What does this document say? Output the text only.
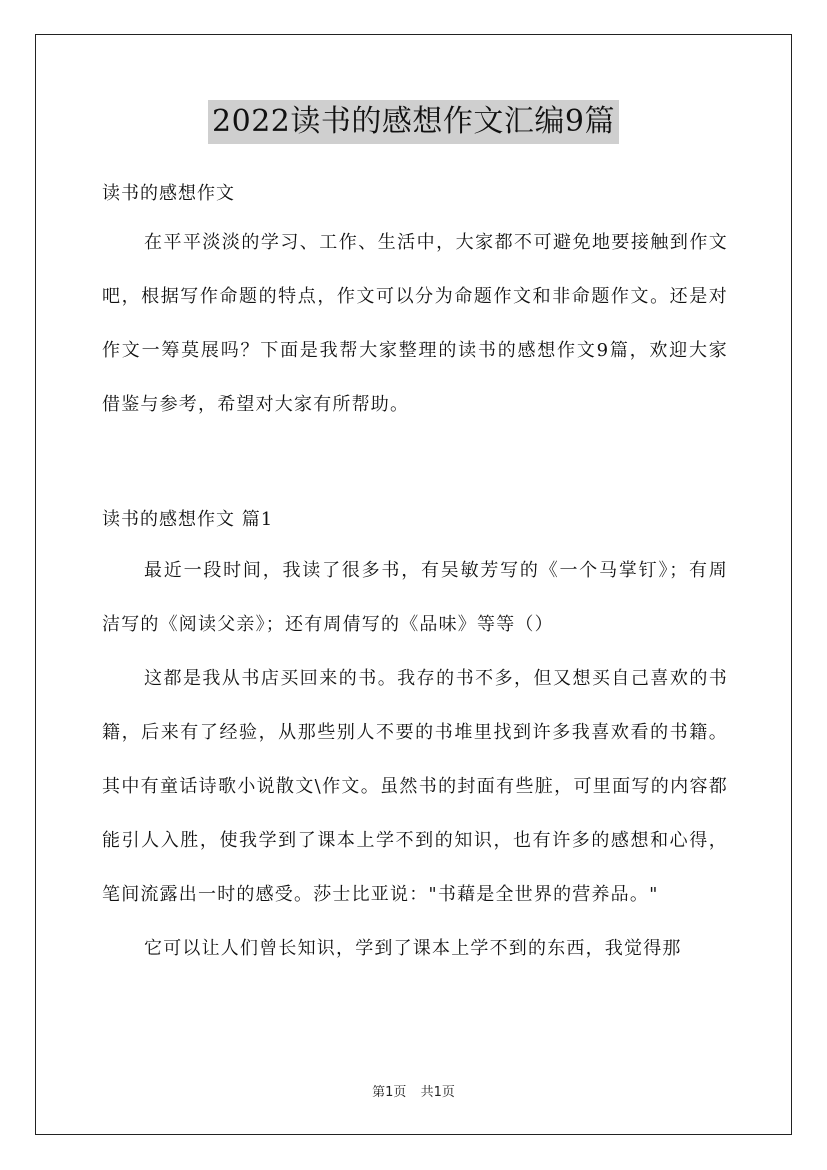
2022读书的感想作文汇编9篇

读书的感想作文

在平平淡淡的学习、工作、生活中，大家都不可避免地要接触到作文吧，根据写作命题的特点，作文可以分为命题作文和非命题作文。还是对作文一筹莫展吗？下面是我帮大家整理的读书的感想作文9篇，欢迎大家借鉴与参考，希望对大家有所帮助。

读书的感想作文 篇1

最近一段时间，我读了很多书，有吴敏芳写的《一个马掌钉》；有周洁写的《阅读父亲》；还有周倩写的《品味》等等（）

这都是我从书店买回来的书。我存的书不多，但又想买自己喜欢的书籍，后来有了经验，从那些别人不要的书堆里找到许多我喜欢看的书籍。其中有童话诗歌小说散文\作文。虽然书的封面有些脏，可里面写的内容都能引人入胜，使我学到了课本上学不到的知识，也有许多的感想和心得，笔间流露出一时的感受。莎士比亚说："书藉是全世界的营养品。"

它可以让人们曾长知识，学到了课本上学不到的东西，我觉得那

第1页 共1页
